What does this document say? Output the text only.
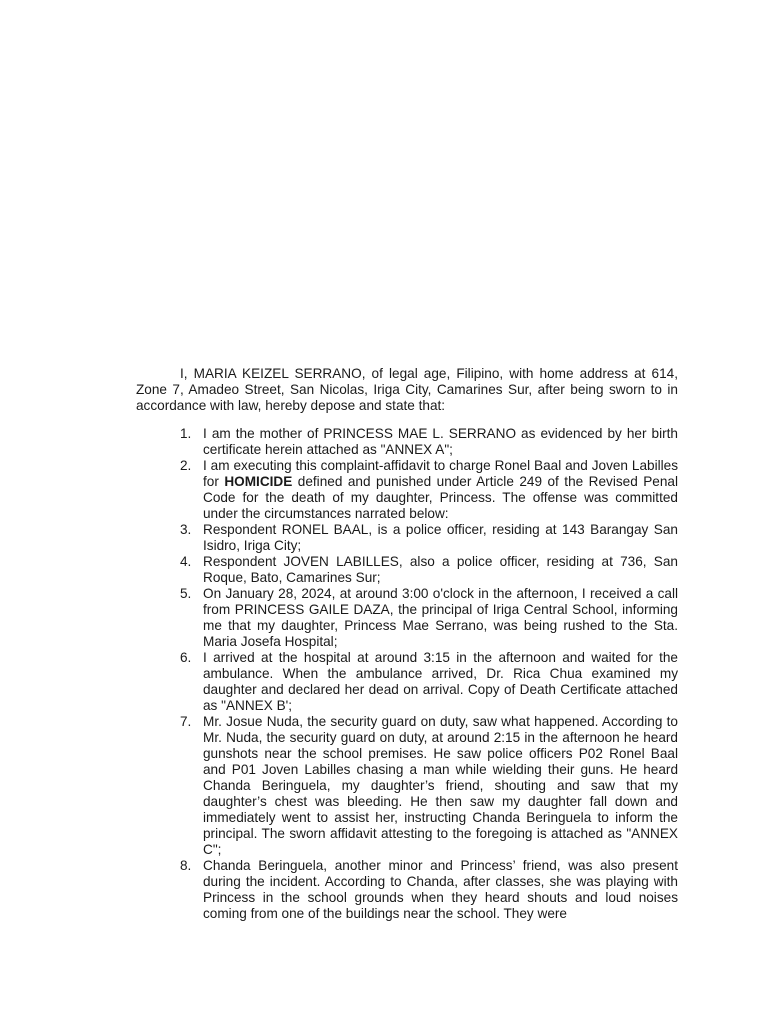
I, MARIA KEIZEL SERRANO, of legal age, Filipino, with home address at 614, Zone 7, Amadeo Street, San Nicolas, Iriga City, Camarines Sur, after being sworn to in accordance with law, hereby depose and state that:

1. I am the mother of PRINCESS MAE L. SERRANO as evidenced by her birth certificate herein attached as "ANNEX A";
2. I am executing this complaint-affidavit to charge Ronel Baal and Joven Labilles for HOMICIDE defined and punished under Article 249 of the Revised Penal Code for the death of my daughter, Princess. The offense was committed under the circumstances narrated below:
3. Respondent RONEL BAAL, is a police officer, residing at 143 Barangay San Isidro, Iriga City;
4. Respondent JOVEN LABILLES, also a police officer, residing at 736, San Roque, Bato, Camarines Sur;
5. On January 28, 2024, at around 3:00 o'clock in the afternoon, I received a call from PRINCESS GAILE DAZA, the principal of Iriga Central School, informing me that my daughter, Princess Mae Serrano, was being rushed to the Sta. Maria Josefa Hospital;
6. I arrived at the hospital at around 3:15 in the afternoon and waited for the ambulance. When the ambulance arrived, Dr. Rica Chua examined my daughter and declared her dead on arrival. Copy of Death Certificate attached as "ANNEX B';
7. Mr. Josue Nuda, the security guard on duty, saw what happened. According to Mr. Nuda, the security guard on duty, at around 2:15 in the afternoon he heard gunshots near the school premises. He saw police officers P02 Ronel Baal and P01 Joven Labilles chasing a man while wielding their guns. He heard Chanda Beringuela, my daughter’s friend, shouting and saw that my daughter’s chest was bleeding. He then saw my daughter fall down and immediately went to assist her, instructing Chanda Beringuela to inform the principal. The sworn affidavit attesting to the foregoing is attached as "ANNEX C";
8. Chanda Beringuela, another minor and Princess’ friend, was also present during the incident. According to Chanda, after classes, she was playing with Princess in the school grounds when they heard shouts and loud noises coming from one of the buildings near the school. They were
